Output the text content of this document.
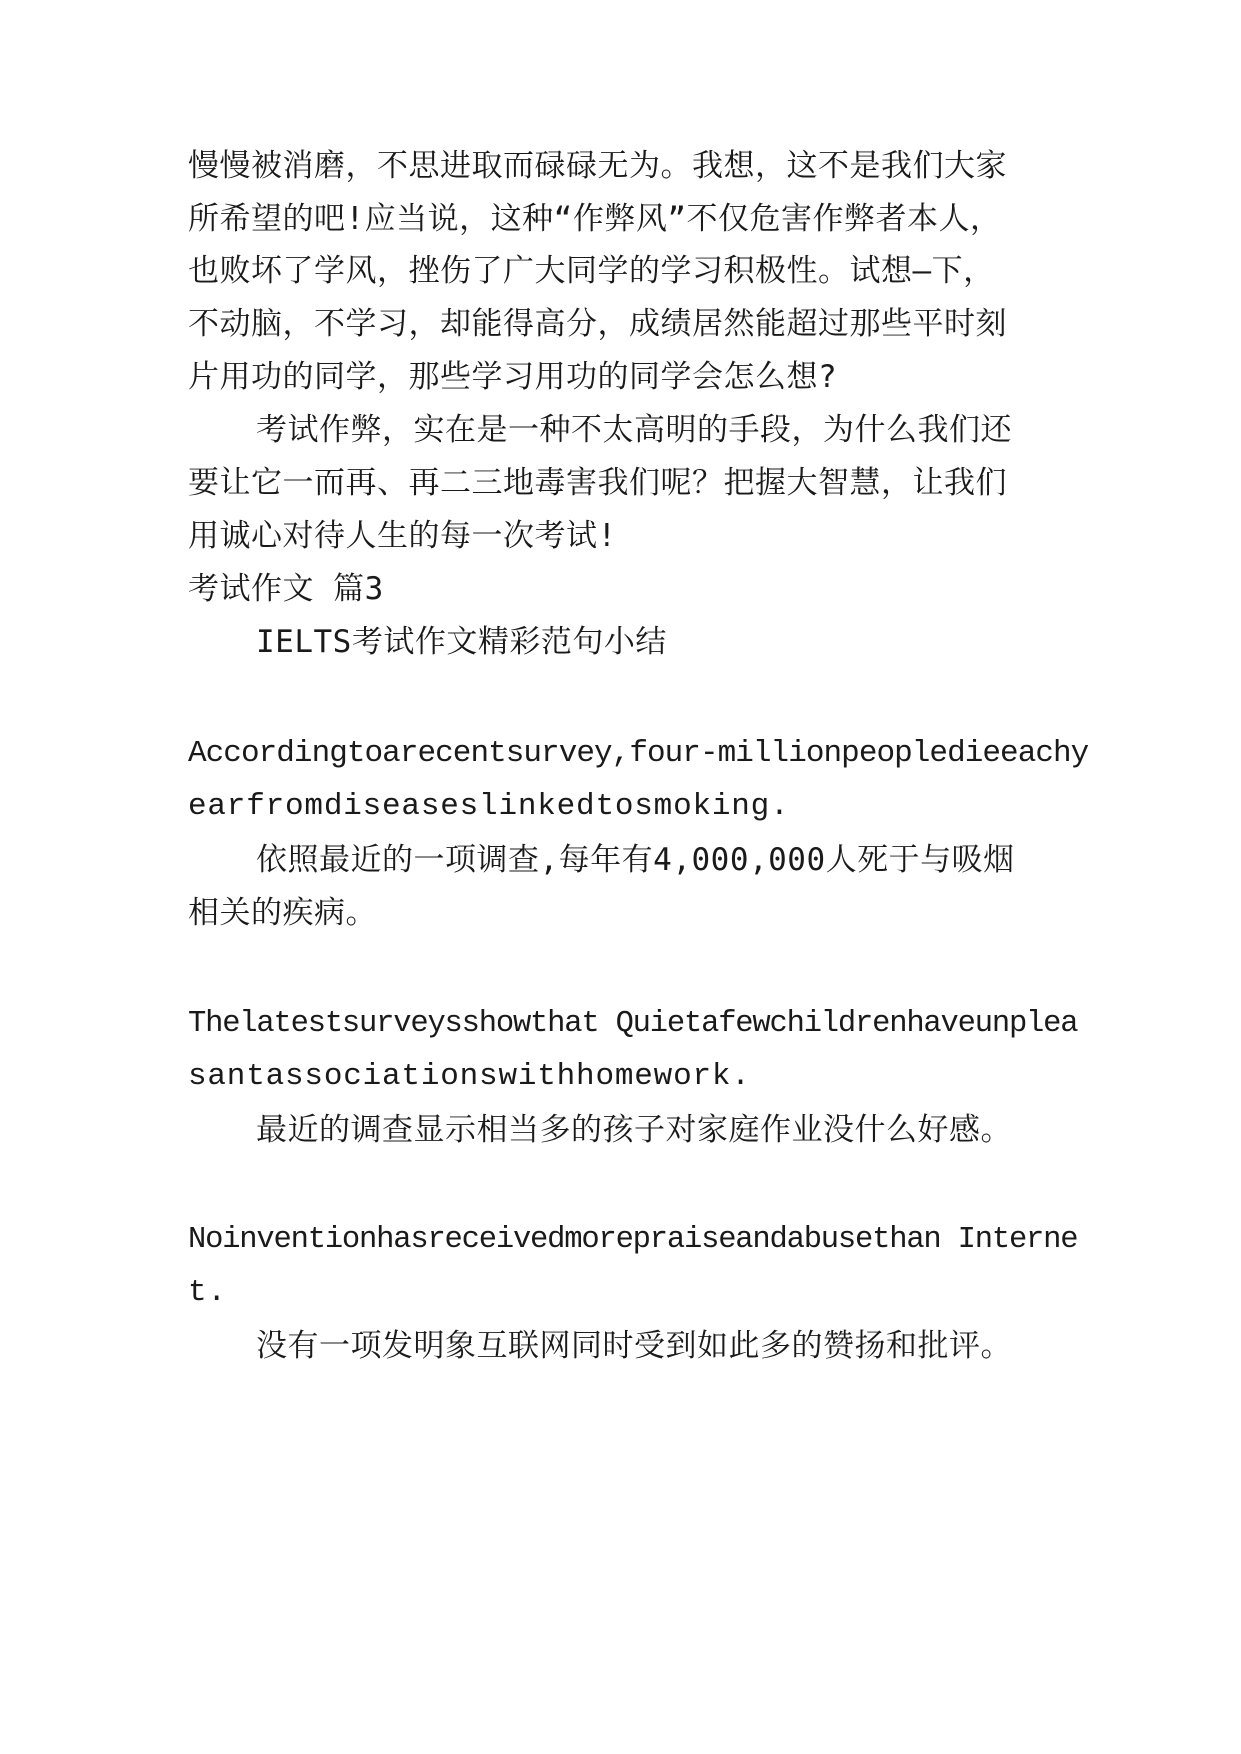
慢慢被消磨，不思进取而碌碌无为。我想，这不是我们大家

所希望的吧!应当说，这种“作弊风”不仅危害作弊者本人，

也败坏了学风，挫伤了广大同学的学习积极性。试想—下，

不动脑，不学习，却能得高分，成绩居然能超过那些平时刻

片用功的同学，那些学习用功的同学会怎么想?

考试作弊，实在是一种不太高明的手段，为什么我们还

要让它一而再、再二三地毒害我们呢？把握大智慧，让我们

用诚心对待人生的每一次考试!

考试作文 篇3

IELTS考试作文精彩范句小结

Accordingtoarecentsurvey,four-millionpeopledieeachy

earfromdiseaseslinkedtosmoking.

依照最近的一项调查,每年有4,000,000人死于与吸烟

相关的疾病。

Thelatestsurveysshowthat Quietafewchildrenhaveunplea

santassociationswithhomework.

最近的调查显示相当多的孩子对家庭作业没什么好感。

Noinventionhasreceivedmorepraiseandabusethan Interne

t.

没有一项发明象互联网同时受到如此多的赞扬和批评。
